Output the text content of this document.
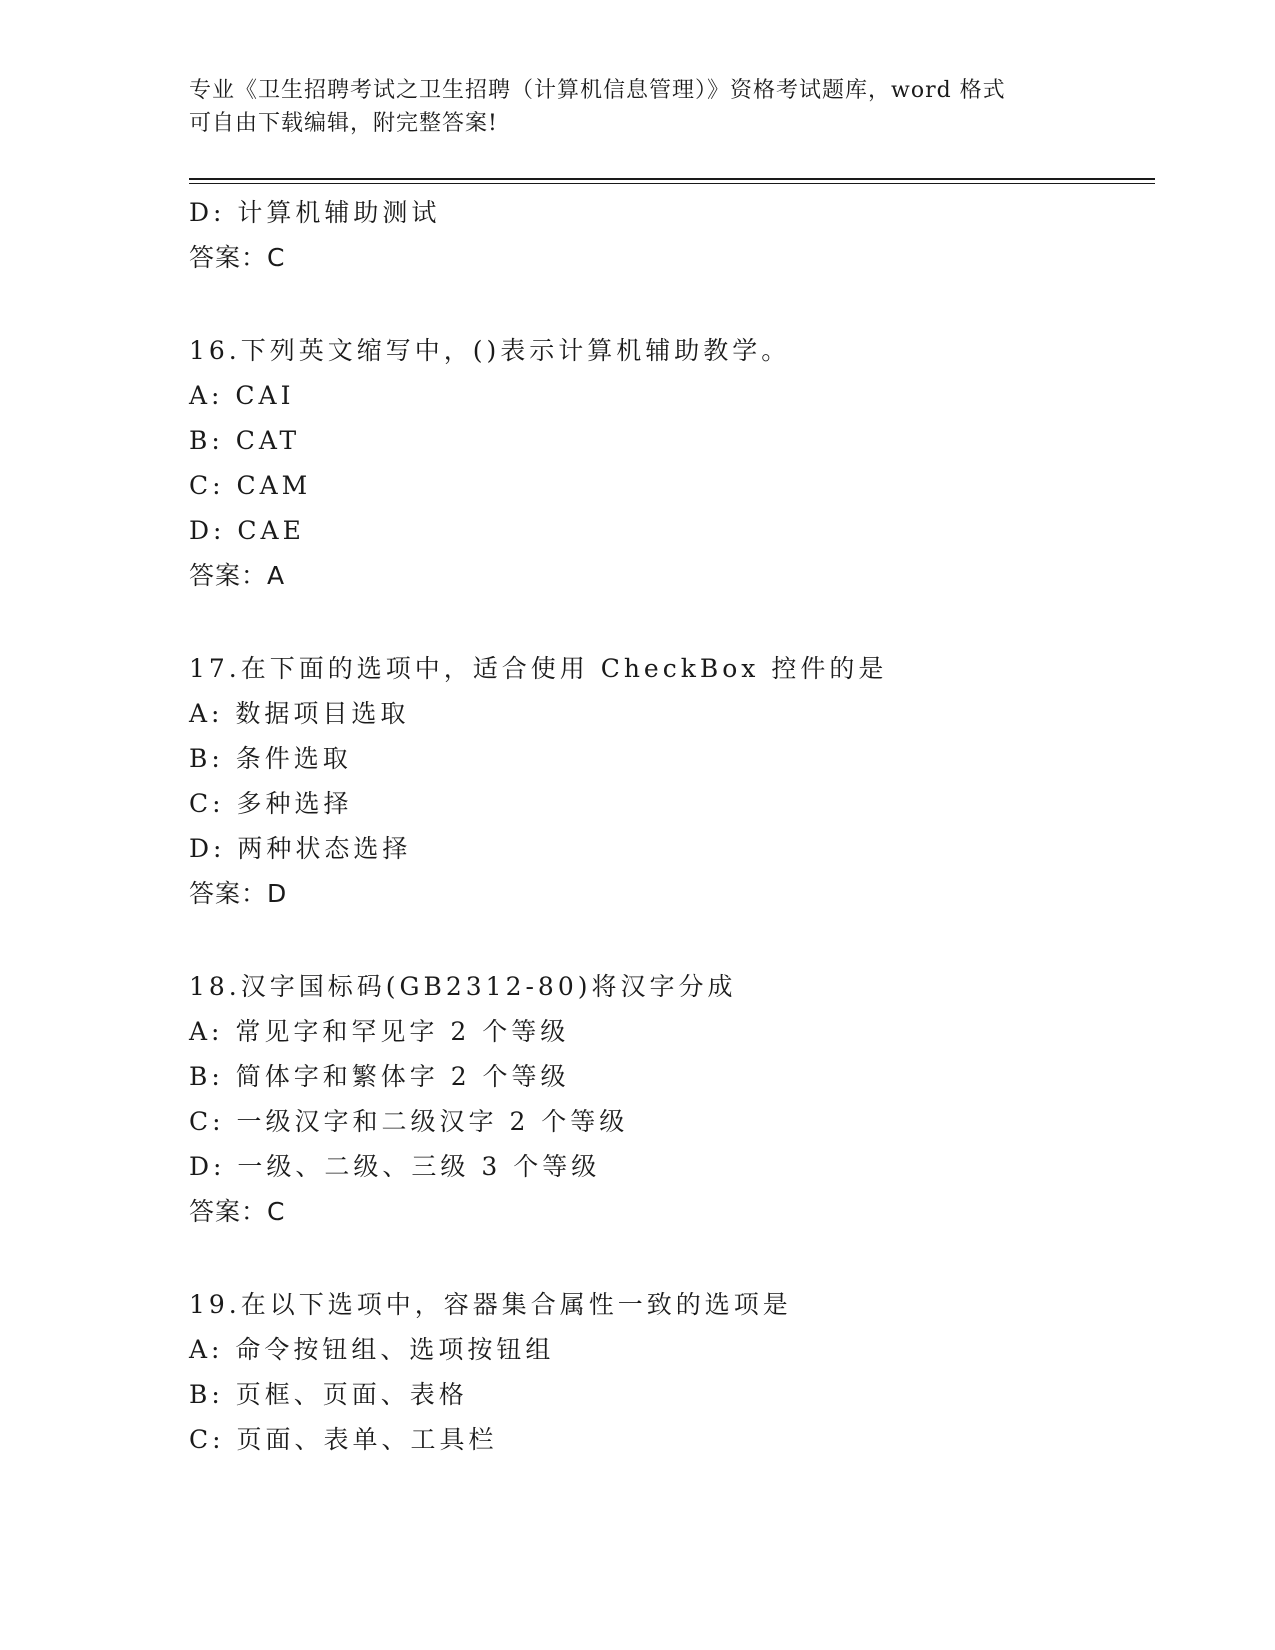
专业《卫生招聘考试之卫生招聘（计算机信息管理）》资格考试题库，word 格式
可自由下载编辑，附完整答案!
D: 计算机辅助测试
答案：C
16.下列英文缩写中，()表示计算机辅助教学。
A: CAI
B: CAT
C: CAM
D: CAE
答案：A
17.在下面的选项中，适合使用 CheckBox 控件的是
A: 数据项目选取
B: 条件选取
C: 多种选择
D: 两种状态选择
答案：D
18.汉字国标码(GB2312-80)将汉字分成
A: 常见字和罕见字 2 个等级
B: 简体字和繁体字 2 个等级
C: 一级汉字和二级汉字 2 个等级
D: 一级、二级、三级 3 个等级
答案：C
19.在以下选项中，容器集合属性一致的选项是
A: 命令按钮组、选项按钮组
B: 页框、页面、表格
C: 页面、表单、工具栏
